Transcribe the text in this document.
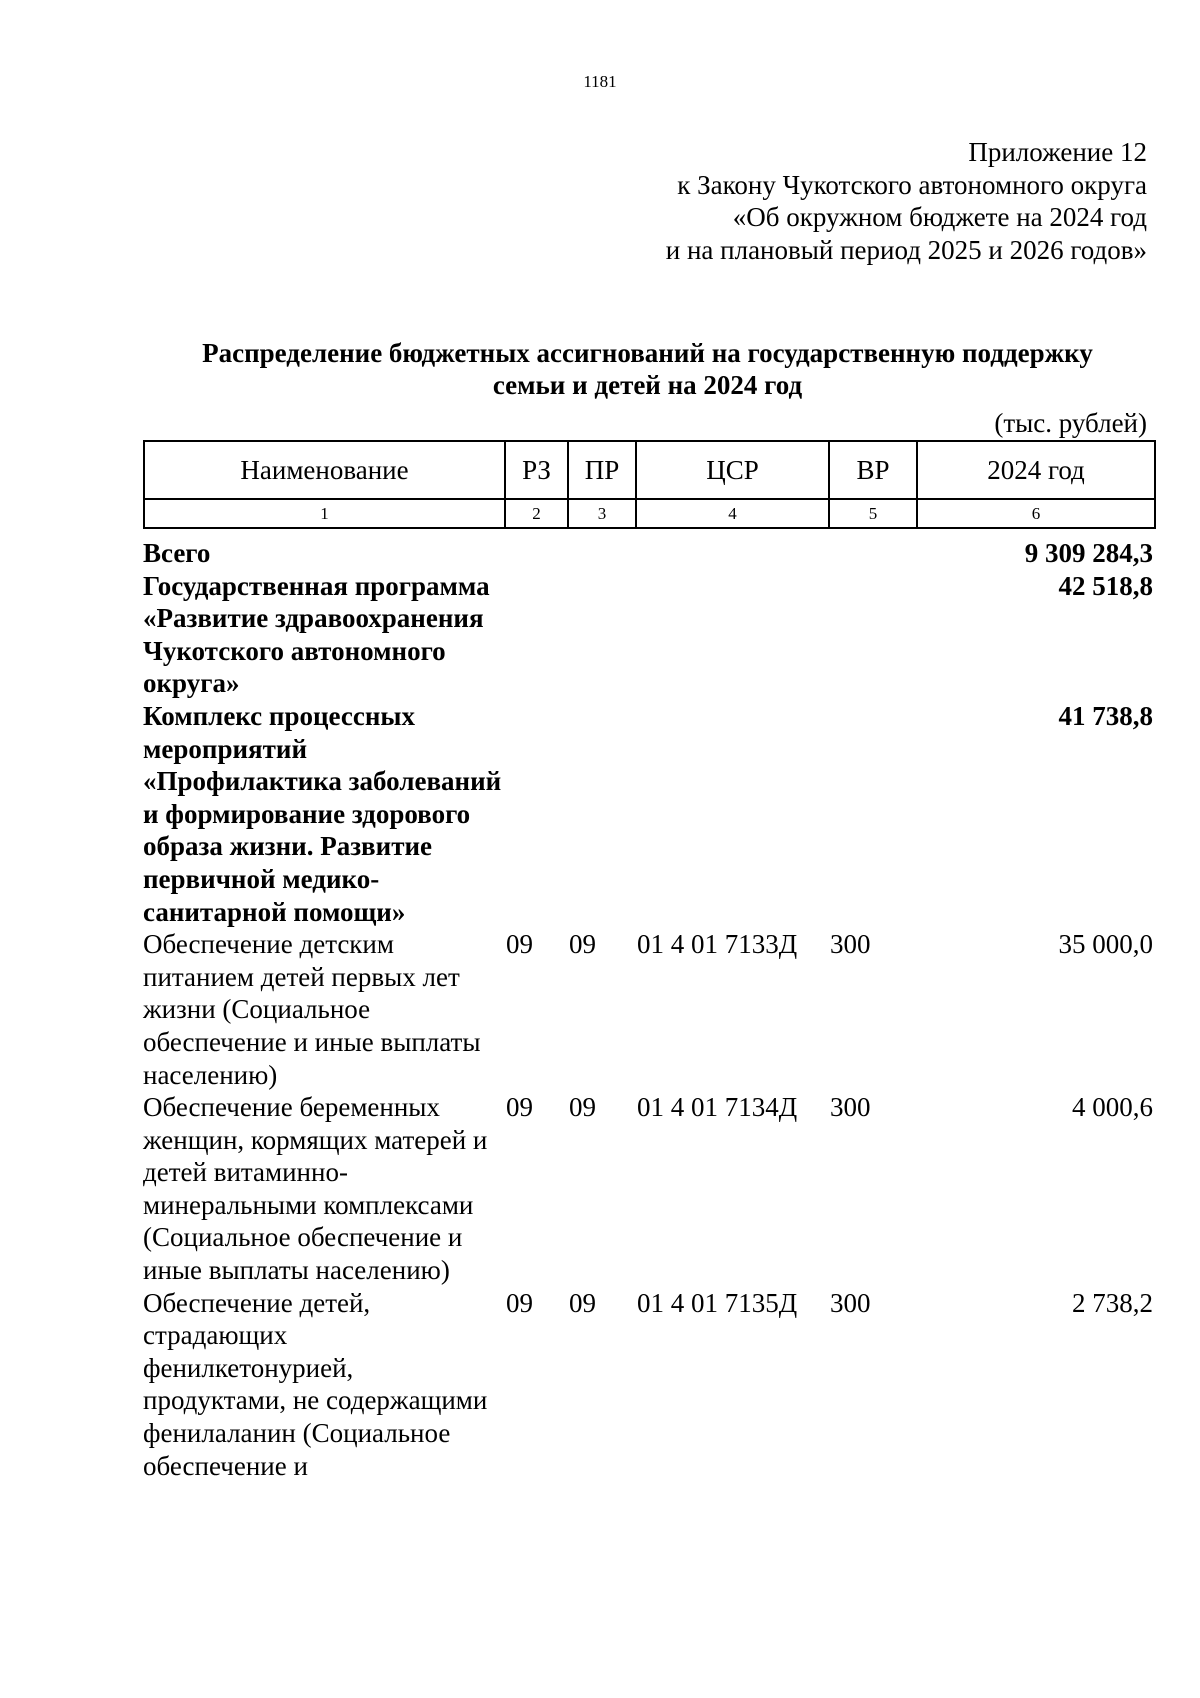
1181
Приложение 12
к Закону Чукотского автономного округа
«Об окружном бюджете на 2024 год
и на плановый период 2025 и 2026 годов»
Распределение бюджетных ассигнований на государственную поддержку
семьи и детей на 2024 год
(тыс. рублей)
Наименование	РЗ	ПР	ЦСР	ВР	2024 год
1	2	3	4	5	6
Всего					9 309 284,3
Государственная программа «Развитие здравоохранения Чукотского автономного округа»					42 518,8
Комплекс процессных мероприятий «Профилактика заболеваний и формирование здорового образа жизни. Развитие первичной медико-санитарной помощи»					41 738,8
Обеспечение детским питанием детей первых лет жизни (Социальное обеспечение и иные выплаты населению)	09	09	01 4 01 7133Д	300	35 000,0
Обеспечение беременных женщин, кормящих матерей и детей витаминно-минеральными комплексами (Социальное обеспечение и иные выплаты населению)	09	09	01 4 01 7134Д	300	4 000,6
Обеспечение детей, страдающих фенилкетонурией, продуктами, не содержащими фенилаланин (Социальное обеспечение и	09	09	01 4 01 7135Д	300	2 738,2
